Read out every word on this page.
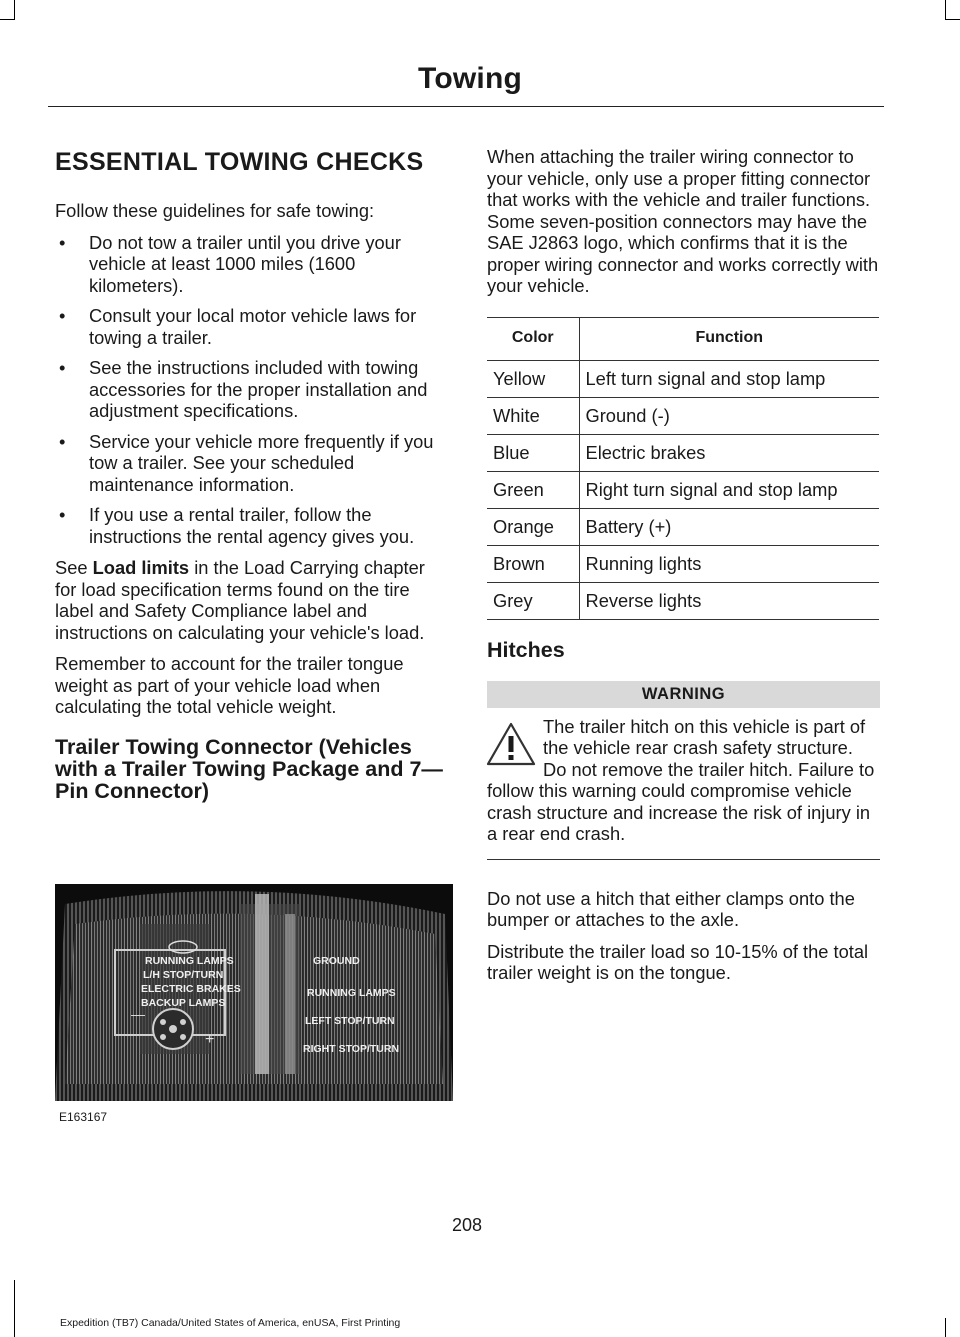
Towing
ESSENTIAL TOWING CHECKS

Follow these guidelines for safe towing:

• Do not tow a trailer until you drive your vehicle at least 1000 miles (1600 kilometers).
• Consult your local motor vehicle laws for towing a trailer.
• See the instructions included with towing accessories for the proper installation and adjustment specifications.
• Service your vehicle more frequently if you tow a trailer. See your scheduled maintenance information.
• If you use a rental trailer, follow the instructions the rental agency gives you.

See Load limits in the Load Carrying chapter for load specification terms found on the tire label and Safety Compliance label and instructions on calculating your vehicle's load.

Remember to account for the trailer tongue weight as part of your vehicle load when calculating the total vehicle weight.

Trailer Towing Connector (Vehicles with a Trailer Towing Package and 7—Pin Connector)
—
+
RUNNING LAMPS
L/H STOP/TURN
ELECTRIC BRAKES
BACKUP LAMPS
GROUND
RUNNING LAMPS
LEFT STOP/TURN
RIGHT STOP/TURN
E163167

When attaching the trailer wiring connector to your vehicle, only use a proper fitting connector that works with the vehicle and trailer functions. Some seven-position connectors may have the SAE J2863 logo, which confirms that it is the proper wiring connector and works correctly with your vehicle.

Color	Function
Yellow	Left turn signal and stop lamp
White	Ground (-)
Blue	Electric brakes
Green	Right turn signal and stop lamp
Orange	Battery (+)
Brown	Running lights
Grey	Reverse lights
Hitches
WARNING
The trailer hitch on this vehicle is part of the vehicle rear crash safety structure. Do not remove the trailer hitch. Failure to follow this warning could compromise vehicle crash structure and increase the risk of injury in a rear end crash.

Do not use a hitch that either clamps onto the bumper or attaches to the axle.

Distribute the trailer load so 10-15% of the total trailer weight is on the tongue.

208
Expedition (TB7) Canada/United States of America, enUSA, First Printing
